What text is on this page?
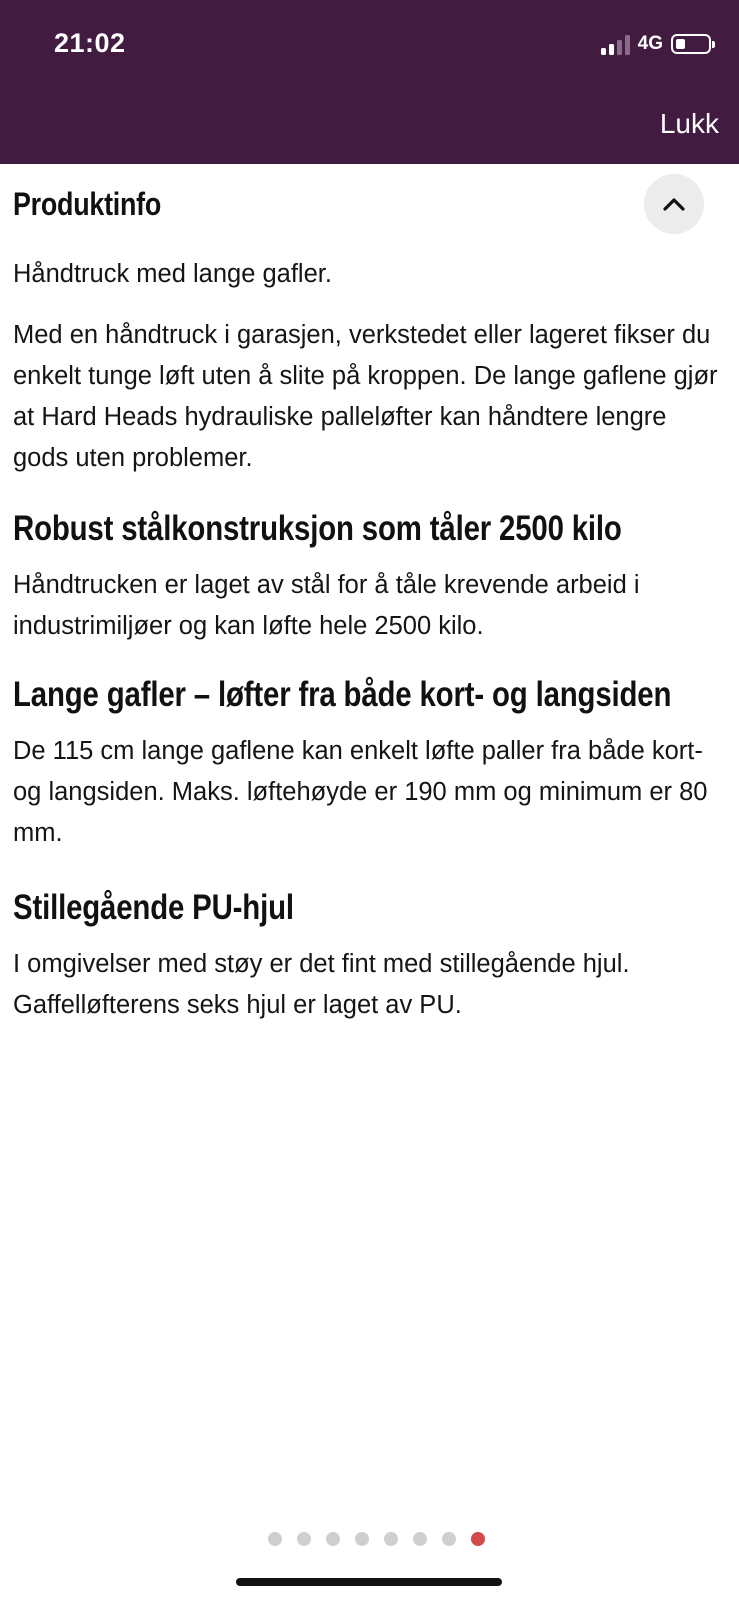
21:02	4G
Lukk
Produktinfo

Håndtruck med lange gafler.

Med en håndtruck i garasjen, verkstedet eller lageret fikser du enkelt tunge løft uten å slite på kroppen. De lange gaflene gjør at Hard Heads hydrauliske palleløfter kan håndtere lengre gods uten problemer.

Robust stålkonstruksjon som tåler 2500 kilo

Håndtrucken er laget av stål for å tåle krevende arbeid i industrimiljøer og kan løfte hele 2500 kilo.

Lange gafler – løfter fra både kort- og langsiden

De 115 cm lange gaflene kan enkelt løfte paller fra både kort- og langsiden. Maks. løftehøyde er 190 mm og minimum er 80 mm.

Stillegående PU-hjul

I omgivelser med støy er det fint med stillegående hjul. Gaffelløfterens seks hjul er laget av PU.
